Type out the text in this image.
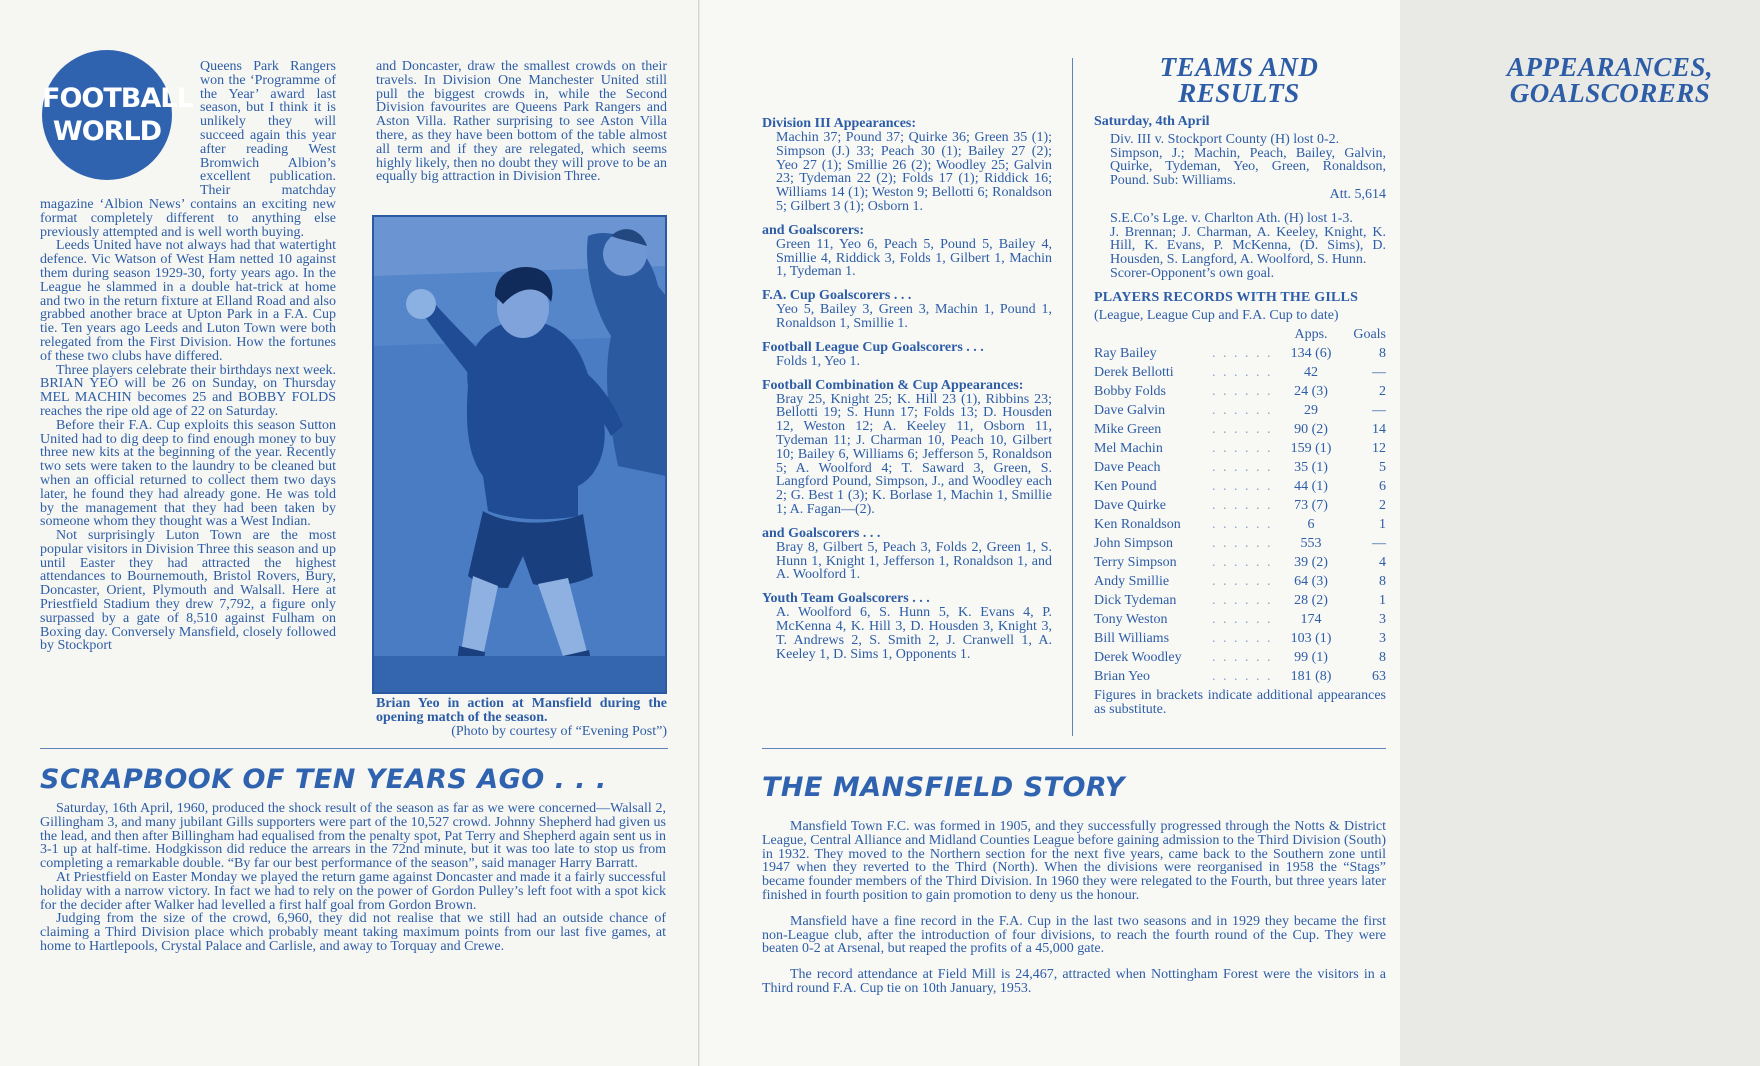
FOOTBALL
WORLD

Queens Park Rangers won the ‘Programme of the Year’ award last season, but I think it is unlikely they will succeed again this year after reading West Bromwich Albion’s excellent publication. Their matchday magazine ‘Albion News’ contains an exciting new format completely different to anything else previously attempted and is well worth buying.

Leeds United have not always had that watertight defence. Vic Watson of West Ham netted 10 against them during season 1929-30, forty years ago. In the League he slammed in a double hat-trick at home and two in the return fixture at Elland Road and also grabbed another brace at Upton Park in a F.A. Cup tie. Ten years ago Leeds and Luton Town were both relegated from the First Division. How the fortunes of these two clubs have differed.

Three players celebrate their birthdays next week. BRIAN YEO will be 26 on Sunday, on Thursday MEL MACHIN becomes 25 and BOBBY FOLDS reaches the ripe old age of 22 on Saturday.

Before their F.A. Cup exploits this season Sutton United had to dig deep to find enough money to buy three new kits at the beginning of the year. Recently two sets were taken to the laundry to be cleaned but when an official returned to collect them two days later, he found they had already gone. He was told by the management that they had been taken by someone whom they thought was a West Indian.

Not surprisingly Luton Town are the most popular visitors in Division Three this season and up until Easter they had attracted the highest attendances to Bournemouth, Bristol Rovers, Bury, Doncaster, Orient, Plymouth and Walsall. Here at Priestfield Stadium they drew 7,792, a figure only surpassed by a gate of 8,510 against Fulham on Boxing day. Conversely Mansfield, closely followed by Stockport

and Doncaster, draw the smallest crowds on their travels. In Division One Manchester United still pull the biggest crowds in, while the Second Division favourites are Queens Park Rangers and Aston Villa. Rather surprising to see Aston Villa there, as they have been bottom of the table almost all term and if they are relegated, which seems highly likely, then no doubt they will prove to be an equally big attraction in Division Three.

Brian Yeo in action at Mansfield during the opening match of the season.
(Photo by courtesy of “Evening Post”)
SCRAPBOOK OF TEN YEARS AGO . . .

Saturday, 16th April, 1960, produced the shock result of the season as far as we were concerned—Walsall 2, Gillingham 3, and many jubilant Gills supporters were part of the 10,527 crowd. Johnny Shepherd had given us the lead, and then after Billingham had equalised from the penalty spot, Pat Terry and Shepherd again sent us in 3-1 up at half-time. Hodgkisson did reduce the arrears in the 72nd minute, but it was too late to stop us from completing a remarkable double. “By far our best performance of the season”, said manager Harry Barratt.

At Priestfield on Easter Monday we played the return game against Doncaster and made it a fairly successful holiday with a narrow victory. In fact we had to rely on the power of Gordon Pulley’s left foot with a spot kick for the decider after Walker had levelled a first half goal from Gordon Brown.

Judging from the size of the crowd, 6,960, they did not realise that we still had an outside chance of claiming a Third Division place which probably meant taking maximum points from our last five games, at home to Hartlepools, Crystal Palace and Carlisle, and away to Torquay and Crewe.

APPEARANCES,
GOALSCORERS
TEAMS AND
RESULTS
Division III Appearances:
Machin 37; Pound 37; Quirke 36; Green 35 (1); Simpson (J.) 33; Peach 30 (1); Bailey 27 (2); Yeo 27 (1); Smillie 26 (2); Woodley 25; Galvin 23; Tydeman 22 (2); Folds 17 (1); Riddick 16; Williams 14 (1); Weston 9; Bellotti 6; Ronaldson 5; Gilbert 3 (1); Osborn 1.
and Goalscorers:
Green 11, Yeo 6, Peach 5, Pound 5, Bailey 4, Smillie 4, Riddick 3, Folds 1, Gilbert 1, Machin 1, Tydeman 1.
F.A. Cup Goalscorers . . .
Yeo 5, Bailey 3, Green 3, Machin 1, Pound 1, Ronaldson 1, Smillie 1.
Football League Cup Goalscorers . . .
Folds 1, Yeo 1.
Football Combination & Cup Appearances:
Bray 25, Knight 25; K. Hill 23 (1), Ribbins 23; Bellotti 19; S. Hunn 17; Folds 13; D. Housden 12, Weston 12; A. Keeley 11, Osborn 11, Tydeman 11; J. Charman 10, Peach 10, Gilbert 10; Bailey 6, Williams 6; Jefferson 5, Ronaldson 5; A. Woolford 4; T. Saward 3, Green, S. Langford Pound, Simpson, J., and Woodley each 2; G. Best 1 (3); K. Borlase 1, Machin 1, Smillie 1; A. Fagan—(2).
and Goalscorers . . .
Bray 8, Gilbert 5, Peach 3, Folds 2, Green 1, S. Hunn 1, Knight 1, Jefferson 1, Ronaldson 1, and A. Woolford 1.
Youth Team Goalscorers . . .
A. Woolford 6, S. Hunn 5, K. Evans 4, P. McKenna 4, K. Hill 3, D. Housden 3, Knight 3, T. Andrews 2, S. Smith 2, J. Cranwell 1, A. Keeley 1, D. Sims 1, Opponents 1.
Saturday, 4th April
Div. III v. Stockport County (H) lost 0-2.
Simpson, J.; Machin, Peach, Bailey, Galvin, Quirke, Tydeman, Yeo, Green, Ronaldson, Pound. Sub: Williams.
Att. 5,614
S.E.Co’s Lge. v. Charlton Ath. (H) lost 1-3.
J. Brennan; J. Charman, A. Keeley, Knight, K. Hill, K. Evans, P. McKenna, (D. Sims), D. Housden, S. Langford, A. Woolford, S. Hunn.
Scorer-Opponent’s own goal.
PLAYERS RECORDS WITH THE GILLS
(League, League Cup and F.A. Cup to date)
		Apps.	Goals
Ray Bailey	. . . . . .	134 (6)	8
Derek Bellotti	. . . . . .	42	—
Bobby Folds	. . . . . .	24 (3)	2
Dave Galvin	. . . . . .	29	—
Mike Green	. . . . . .	90 (2)	14
Mel Machin	. . . . . .	159 (1)	12
Dave Peach	. . . . . .	35 (1)	5
Ken Pound	. . . . . .	44 (1)	6
Dave Quirke	. . . . . .	73 (7)	2
Ken Ronaldson	. . . . . .	6	1
John Simpson	. . . . . .	553	—
Terry Simpson	. . . . . .	39 (2)	4
Andy Smillie	. . . . . .	64 (3)	8
Dick Tydeman	. . . . . .	28 (2)	1
Tony Weston	. . . . . .	174	3
Bill Williams	. . . . . .	103 (1)	3
Derek Woodley	. . . . . .	99 (1)	8
Brian Yeo	. . . . . .	181 (8)	63
Figures in brackets indicate additional appearances as substitute.
THE MANSFIELD STORY

Mansfield Town F.C. was formed in 1905, and they successfully progressed through the Notts & District League, Central Alliance and Midland Counties League before gaining admission to the Third Division (South) in 1932. They moved to the Northern section for the next five years, came back to the Southern zone until 1947 when they reverted to the Third (North). When the divisions were reorganised in 1958 the “Stags” became founder members of the Third Division. In 1960 they were relegated to the Fourth, but three years later finished in fourth position to gain promotion to deny us the honour.

Mansfield have a fine record in the F.A. Cup in the last two seasons and in 1929 they became the first non-League club, after the introduction of four divisions, to reach the fourth round of the Cup. They were beaten 0-2 at Arsenal, but reaped the profits of a 45,000 gate.

The record attendance at Field Mill is 24,467, attracted when Nottingham Forest were the visitors in a Third round F.A. Cup tie on 10th January, 1953.
